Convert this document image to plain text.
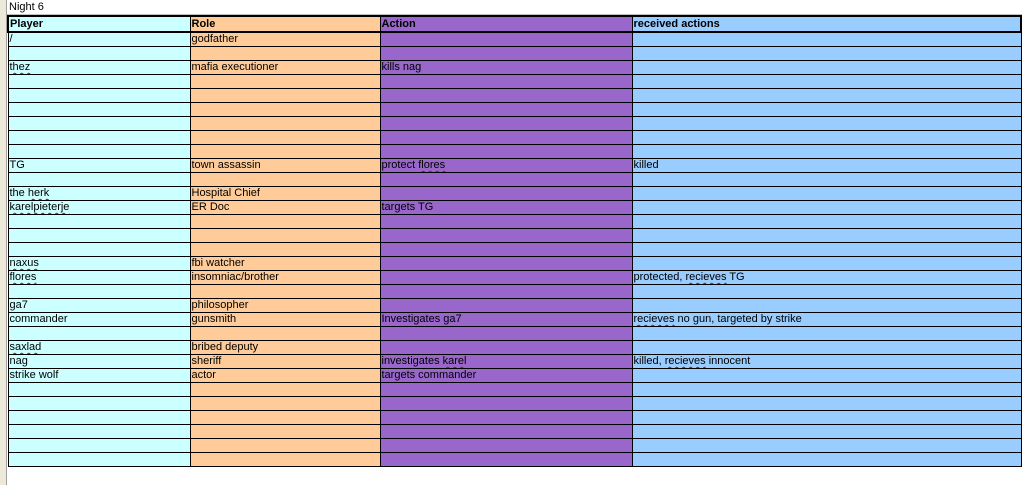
Night 6
Player	Role	Action	received actions
/	godfather		

thez	mafia executioner	kills nag	

TG	town assassin	protect flores	killed

the herk	Hospital Chief		
karelpieterje	ER Doc	targets TG	

naxus	fbi watcher		
flores	insomniac/brother		protected, recieves TG

ga7	philosopher		
commander	gunsmith	Investigates ga7	recieves no gun, targeted by strike

saxlad	bribed deputy		
nag	sheriff	investigates karel	killed, recieves innocent
strike wolf	actor	targets commander	
